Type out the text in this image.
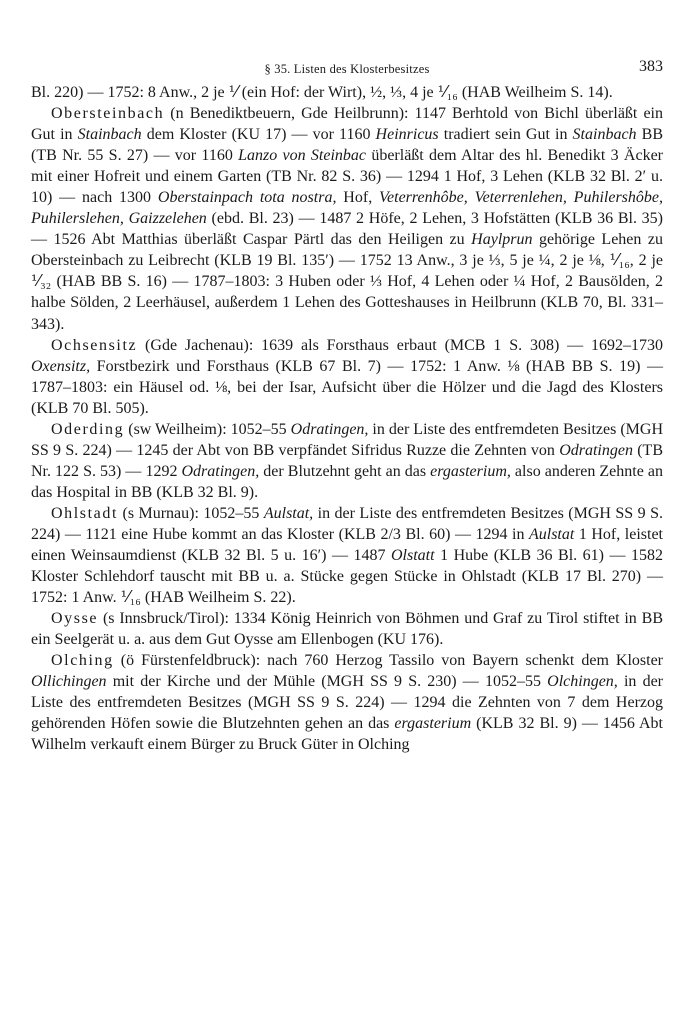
§ 35. Listen des Klosterbesitzes	383

Bl. 220) — 1752: 8 Anw., 2 je ⅟ (ein Hof: der Wirt), ½, ⅓, 4 je ⅟₁₆ (HAB Weilheim S. 14).

Obersteinbach (n Benediktbeuern, Gde Heilbrunn): 1147 Berhtold von Bichl überläßt ein Gut in Stainbach dem Kloster (KU 17) — vor 1160 Heinricus tradiert sein Gut in Stainbach BB (TB Nr. 55 S. 27) — vor 1160 Lanzo von Steinbac überläßt dem Altar des hl. Benedikt 3 Äcker mit einer Hofreit und einem Garten (TB Nr. 82 S. 36) — 1294 1 Hof, 3 Lehen (KLB 32 Bl. 2′ u. 10) — nach 1300 Oberstainpach tota nostra, Hof, Veterrenhôbe, Veterrenlehen, Puhilershôbe, Puhilerslehen, Gaizzelehen (ebd. Bl. 23) — 1487 2 Höfe, 2 Lehen, 3 Hofstätten (KLB 36 Bl. 35) — 1526 Abt Matthias überläßt Caspar Pärtl das den Heiligen zu Haylprun gehörige Lehen zu Obersteinbach zu Leibrecht (KLB 19 Bl. 135′) — 1752 13 Anw., 3 je ⅓, 5 je ¼, 2 je ⅛, ⅟₁₆, 2 je ⅟₃₂ (HAB BB S. 16) — 1787–1803: 3 Huben oder ⅓ Hof, 4 Lehen oder ¼ Hof, 2 Bausölden, 2 halbe Sölden, 2 Leerhäusel, außerdem 1 Lehen des Gotteshauses in Heilbrunn (KLB 70, Bl. 331–343).

Ochsensitz (Gde Jachenau): 1639 als Forsthaus erbaut (MCB 1 S. 308) — 1692–1730 Oxensitz, Forstbezirk und Forsthaus (KLB 67 Bl. 7) — 1752: 1 Anw. ⅛ (HAB BB S. 19) — 1787–1803: ein Häusel od. ⅛, bei der Isar, Aufsicht über die Hölzer und die Jagd des Klosters (KLB 70 Bl. 505).

Oderding (sw Weilheim): 1052–55 Odratingen, in der Liste des entfremdeten Besitzes (MGH SS 9 S. 224) — 1245 der Abt von BB verpfändet Sifridus Ruzze die Zehnten von Odratingen (TB Nr. 122 S. 53) — 1292 Odratingen, der Blutzehnt geht an das ergasterium, also anderen Zehnte an das Hospital in BB (KLB 32 Bl. 9).

Ohlstadt (s Murnau): 1052–55 Aulstat, in der Liste des entfremdeten Besitzes (MGH SS 9 S. 224) — 1121 eine Hube kommt an das Kloster (KLB 2/3 Bl. 60) — 1294 in Aulstat 1 Hof, leistet einen Weinsaumdienst (KLB 32 Bl. 5 u. 16′) — 1487 Olstatt 1 Hube (KLB 36 Bl. 61) — 1582 Kloster Schlehdorf tauscht mit BB u. a. Stücke gegen Stücke in Ohlstadt (KLB 17 Bl. 270) — 1752: 1 Anw. ⅟₁₆ (HAB Weilheim S. 22).

Oysse (s Innsbruck/Tirol): 1334 König Heinrich von Böhmen und Graf zu Tirol stiftet in BB ein Seelgerät u. a. aus dem Gut Oysse am Ellenbogen (KU 176).

Olching (ö Fürstenfeldbruck): nach 760 Herzog Tassilo von Bayern schenkt dem Kloster Ollichingen mit der Kirche und der Mühle (MGH SS 9 S. 230) — 1052–55 Olchingen, in der Liste des entfremdeten Besitzes (MGH SS 9 S. 224) — 1294 die Zehnten von 7 dem Herzog gehörenden Höfen sowie die Blutzehnten gehen an das ergasterium (KLB 32 Bl. 9) — 1456 Abt Wilhelm verkauft einem Bürger zu Bruck Güter in Olching
